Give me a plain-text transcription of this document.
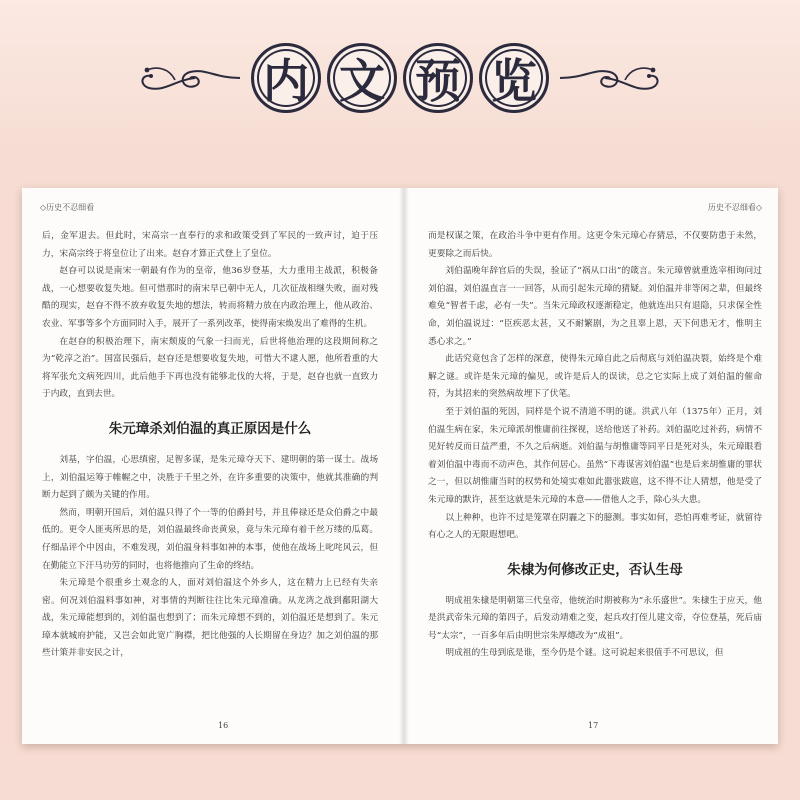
内 文 预 览
◇历史不忍细看

后，金军退去。但此时，宋高宗一直奉行的求和政策受到了军民的一致声讨，迫于压力，宋高宗终于将皇位让了出来。赵昚才算正式登上了皇位。

赵昚可以说是南宋一朝最有作为的皇帝，他36岁登基，大力重用主战派，积极备战，一心想要收复失地。但可惜那时的南宋早已朝中无人，几次征战相继失败，面对残酷的现实，赵昚不得不放弃收复失地的想法，转而将精力放在内政治理上，他从政治、农业、军事等多个方面同时入手，展开了一系列改革，使得南宋焕发出了难得的生机。

在赵昚的积极治理下，南宋颓废的气象一扫而光，后世将他治理的这段期间称之为“乾淳之治”。国富民强后，赵昚还是想要收复失地，可惜大不逮人愿，他所看重的大将军张允文病死四川，此后他手下再也没有能够北伐的大将，于是，赵昚也就一直致力于内政，直到去世。

朱元璋杀刘伯温的真正原因是什么

刘基，字伯温，心思缜密，足智多谋，是朱元璋夺天下、建明朝的第一谋士。战场上，刘伯温运筹于帷幄之中，决胜于千里之外，在许多重要的决策中，他就其准确的判断力起到了颇为关键的作用。

然而，明朝开国后，刘伯温只得了个一等的伯爵封号，并且俸禄还是众伯爵之中最低的。更令人匪夷所思的是，刘伯温最终命丧黄泉，竟与朱元璋有着千丝万缕的瓜葛。仔细品评个中因由，不难发现，刘伯温身料事如神的本事，使他在战场上叱咤风云，但在勤能立下汗马功劳的同时，也将他推向了生命的终结。

朱元璋是个很重乡土观念的人，面对刘伯温这个外乡人，这在精力上已经有失亲密。何况刘伯温料事如神，对事情的判断往往比朱元璋准确。从龙湾之战到鄱阳湖大战，朱元璋能想到的，刘伯温也想到了；而朱元璋想不到的，刘伯温还是想到了。朱元璋本就城府护能，又岂会如此宽广胸襟，把比他强的人长期留在身边？加之刘伯温的那些计策并非安民之计，

16
历史不忍细看◇

而是权谋之策，在政治斗争中更有作用。这更令朱元璋心存猜忌，不仅要防患于未然，更要除之而后快。

刘伯温晚年辞官后的失误，验证了“祸从口出”的箴言。朱元璋曾就重选宰相询问过刘伯温，刘伯温直言一一回答，从而引起朱元璋的猜疑。刘伯温并非等闲之辈，但最终难免“智者千虑，必有一失”。当朱元璋政权逐渐稳定，他就连出只有退隐，只求保全性命，刘伯温说过：“臣疾恶太甚，又不耐繁剧，为之且辜上恩，天下何患无才，惟明主悉心求之。”

此话究竟包含了怎样的深意，使得朱元璋自此之后彻底与刘伯温决裂，始终是个难解之谜。或许是朱元璋的偏见，或许是后人的误读，总之它实际上成了刘伯温的催命符，为其招来的突然病故埋下了伏笔。

至于刘伯温的死因，同样是个说不清道不明的谜。洪武八年（1375年）正月，刘伯温生病在家，朱元璋派胡惟庸前往探视，送给他送了补药。刘伯温吃过补药，病情不见好转反而日益严重，不久之后病逝。刘伯温与胡惟庸等同平日是死对头，朱元璋眼看着刘伯温中毒而不动声色，其作何居心。虽然“下毒谋害刘伯温”也是后来胡惟庸的罪状之一，但以胡惟庸当时的权势和处境实难如此嚣张跋扈，这不得不让人猜想，他是受了朱元璋的默许，甚至这就是朱元璋的本意——借他人之手，除心头大患。

以上种种，也许不过是笼罩在阴霾之下的臆测。事实如何，恐怕再难考证，就留待有心之人的无限遐想吧。

朱棣为何修改正史，否认生母

明成祖朱棣是明朝第三代皇帝，他统治时期被称为“永乐盛世”。朱棣生于应天，他是洪武帝朱元璋的第四子，后发动靖难之变，起兵攻打侄儿建文帝，夺位登基，死后庙号“太宗”，一百多年后由明世宗朱厚熜改为“成祖”。

明成祖的生母到底是谁，至今仍是个谜。这可说起来很值手不可思议，但

17
